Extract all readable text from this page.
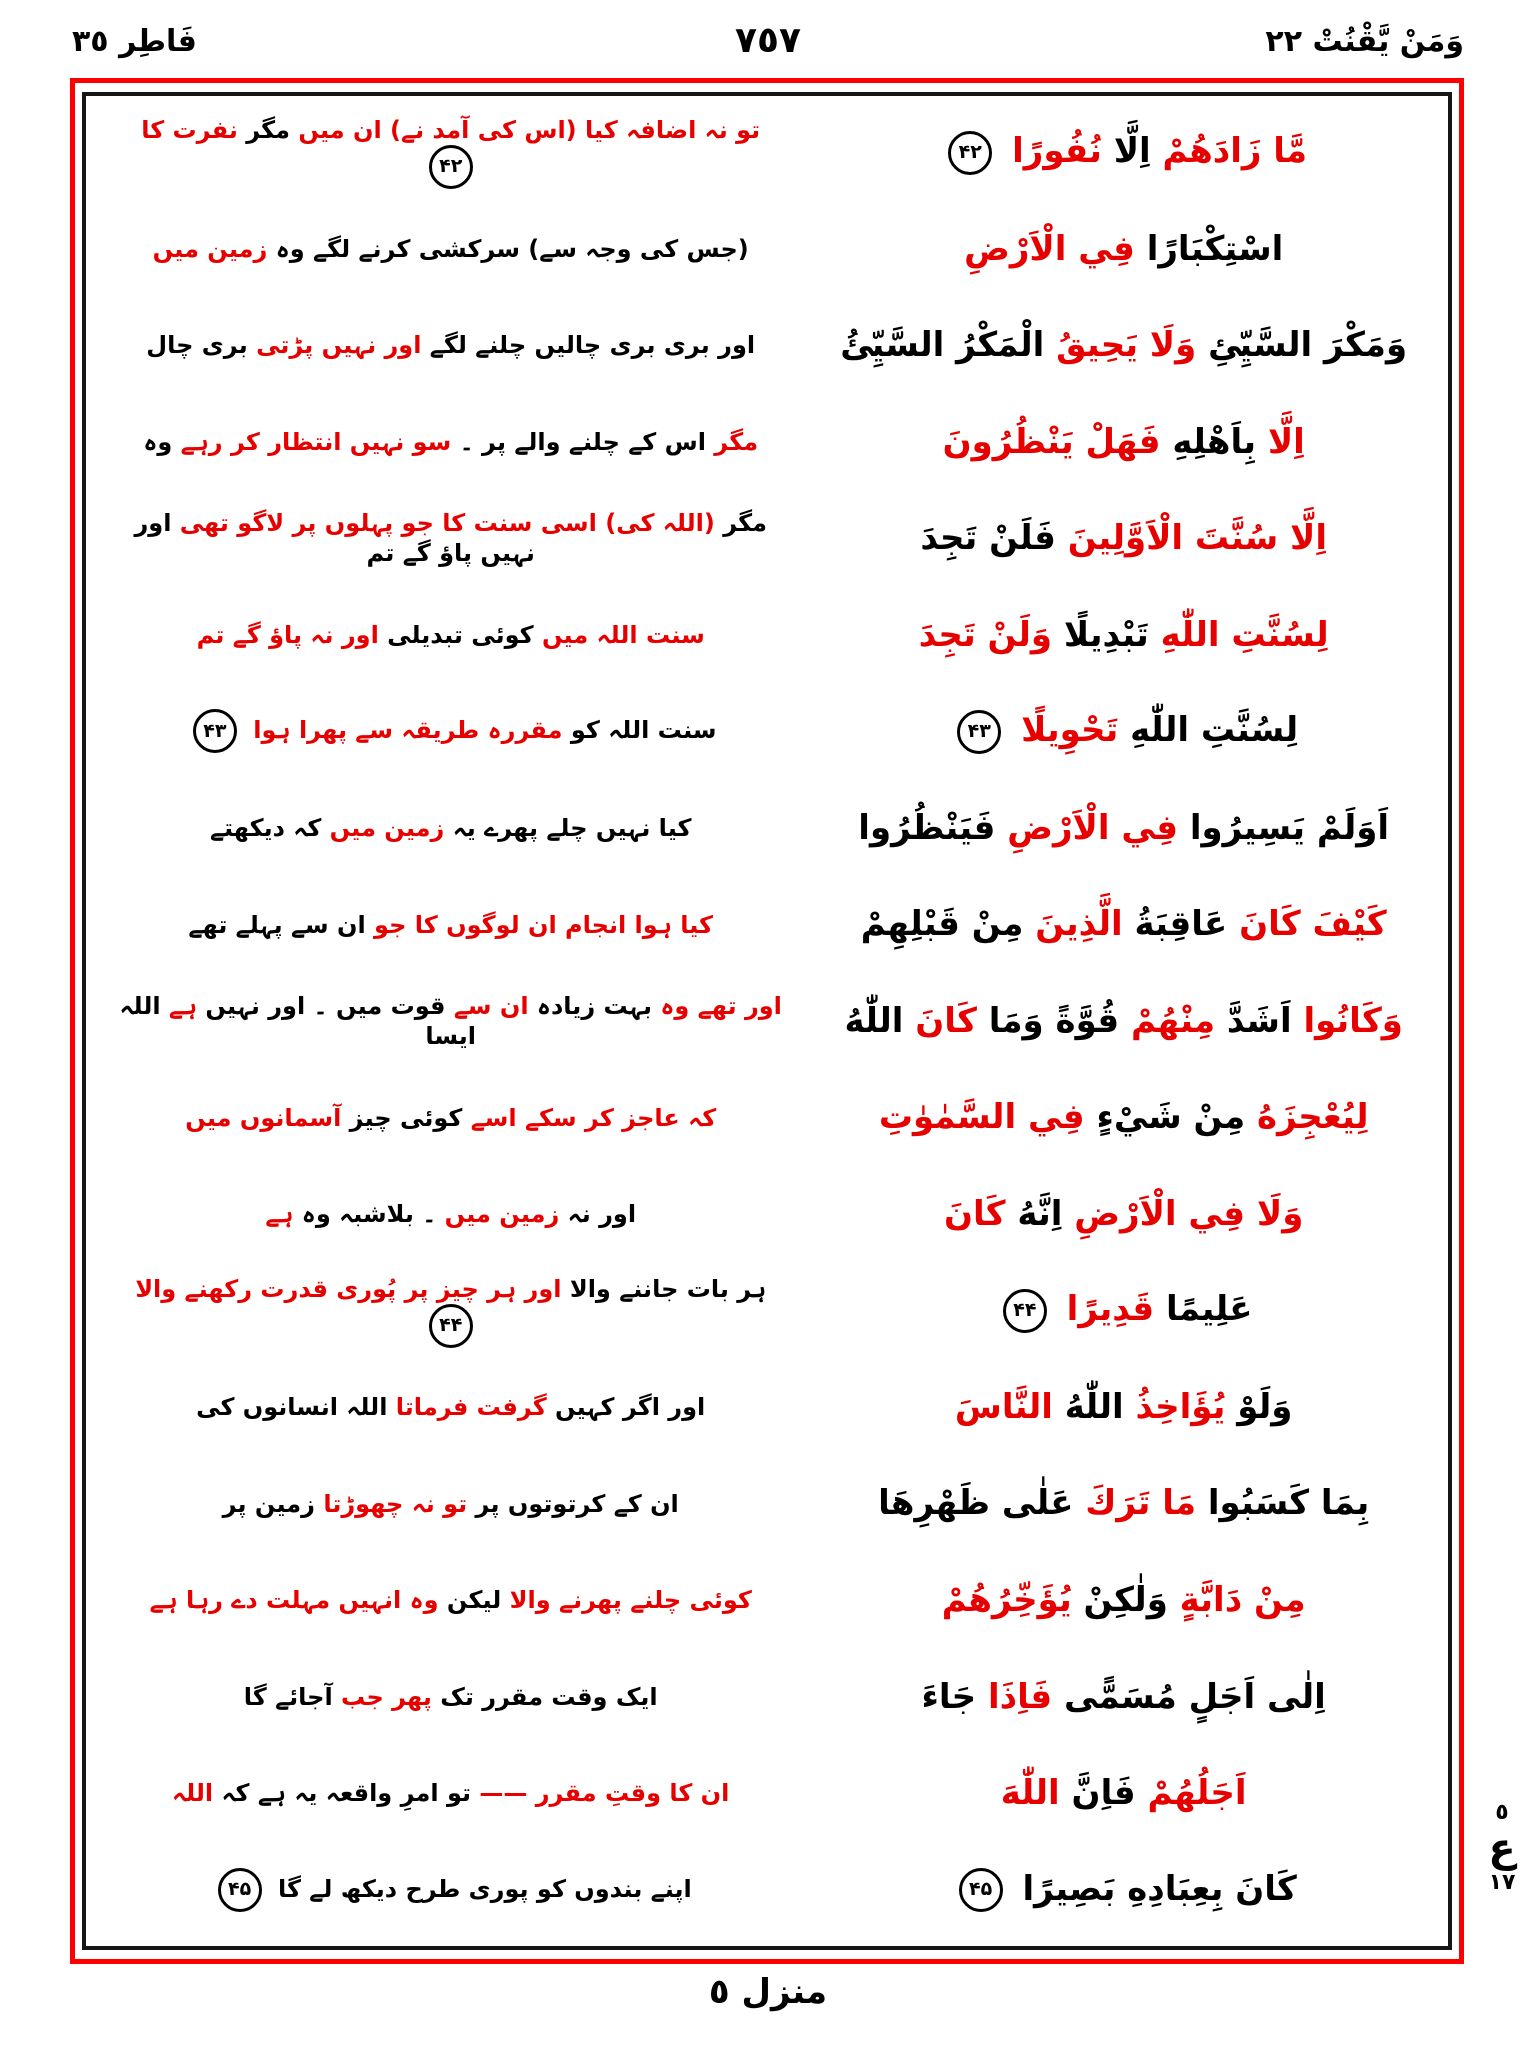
فَاطِر ٣٥	٧٥٧	وَمَنْ يَّقْنُتْ ٢٢
مَّا زَادَهُمْ اِلَّا نُفُورًا ۴۲
تو نہ اضافہ کیا (اس کی آمد نے) ان میں مگر نفرت کا ۴۲
اسْتِكْبَارًا فِي الْاَرْضِ
(جس کی وجہ سے) سرکشی کرنے لگے وہ زمین میں
وَمَكْرَ السَّيِّئِ وَلَا يَحِيقُ الْمَكْرُ السَّيِّئُ
اور بری بری چالیں چلنے لگے اور نہیں پڑتی بری چال
اِلَّا بِاَهْلِهِ فَهَلْ يَنْظُرُونَ
مگر اس کے چلنے والے پر ۔ سو نہیں انتظار کر رہے وہ
اِلَّا سُنَّتَ الْاَوَّلِينَ فَلَنْ تَجِدَ
مگر (اللہ کی) اسی سنت کا جو پہلوں پر لاگو تھی اور نہیں پاؤ گے تم
لِسُنَّتِ اللّٰهِ تَبْدِيلًا وَلَنْ تَجِدَ
سنت اللہ میں کوئی تبدیلی اور نہ پاؤ گے تم
لِسُنَّتِ اللّٰهِ تَحْوِيلًا ۴۳
سنت اللہ کو مقررہ طریقہ سے پھرا ہوا ۴۳
اَوَلَمْ يَسِيرُوا فِي الْاَرْضِ فَيَنْظُرُوا
کیا نہیں چلے پھرے یہ زمین میں کہ دیکھتے
كَيْفَ كَانَ عَاقِبَةُ الَّذِينَ مِنْ قَبْلِهِمْ
کیا ہوا انجام ان لوگوں کا جو ان سے پہلے تھے
وَكَانُوا اَشَدَّ مِنْهُمْ قُوَّةً وَمَا كَانَ اللّٰهُ
اور تھے وہ بہت زیادہ ان سے قوت میں ۔ اور نہیں ہے اللہ ایسا
لِيُعْجِزَهُ مِنْ شَيْءٍ فِي السَّمٰوٰتِ
کہ عاجز کر سکے اسے کوئی چیز آسمانوں میں
وَلَا فِي الْاَرْضِ اِنَّهُ كَانَ
اور نہ زمین میں ۔ بلاشبہ وہ ہے
عَلِيمًا قَدِيرًا ۴۴
ہر بات جاننے والا اور ہر چیز پر پُوری قدرت رکھنے والا ۴۴
وَلَوْ يُؤَاخِذُ اللّٰهُ النَّاسَ
اور اگر کہیں گرفت فرماتا اللہ انسانوں کی
بِمَا كَسَبُوا مَا تَرَكَ عَلٰى ظَهْرِهَا
ان کے کرتوتوں پر تو نہ چھوڑتا زمین پر
مِنْ دَابَّةٍ وَلٰكِنْ يُؤَخِّرُهُمْ
کوئی چلنے پھرنے والا لیکن وہ انہیں مہلت دے رہا ہے
اِلٰى اَجَلٍ مُسَمًّى فَاِذَا جَاءَ
ایک وقت مقرر تک پھر جب آجائے گا
اَجَلُهُمْ فَاِنَّ اللّٰهَ
ان کا وقتِ مقرر —— تو امرِ واقعہ یہ ہے کہ اللہ
كَانَ بِعِبَادِهِ بَصِيرًا ۴۵
اپنے بندوں کو پوری طرح دیکھ لے گا ۴۵
٥
ع
١٧
منزل ٥
